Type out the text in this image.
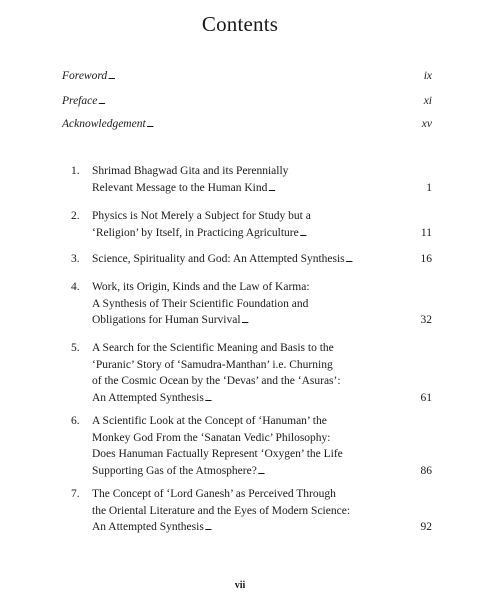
Contents
Foreword . . .	ix
Preface . . .	xi
Acknowledgement . . .	xv
1. Shrimad Bhagwad Gita and its Perennially
Relevant Message to the Human Kind . . .	1
2. Physics is Not Merely a Subject for Study but a
‘Religion’ by Itself, in Practicing Agriculture . . .	11
3. Science, Spirituality and God: An Attempted Synthesis . . .	16
4. Work, its Origin, Kinds and the Law of Karma:
A Synthesis of Their Scientific Foundation and
Obligations for Human Survival . . .	32
5. A Search for the Scientific Meaning and Basis to the
‘Puranic’ Story of ‘Samudra-Manthan’ i.e. Churning
of the Cosmic Ocean by the ‘Devas’ and the ‘Asuras’:
An Attempted Synthesis . . .	61
6. A Scientific Look at the Concept of ‘Hanuman’ the
Monkey God From the ‘Sanatan Vedic’ Philosophy:
Does Hanuman Factually Represent ‘Oxygen’ the Life
Supporting Gas of the Atmosphere? . . .	86
7. The Concept of ‘Lord Ganesh’ as Perceived Through
the Oriental Literature and the Eyes of Modern Science:
An Attempted Synthesis . . .	92
vii
